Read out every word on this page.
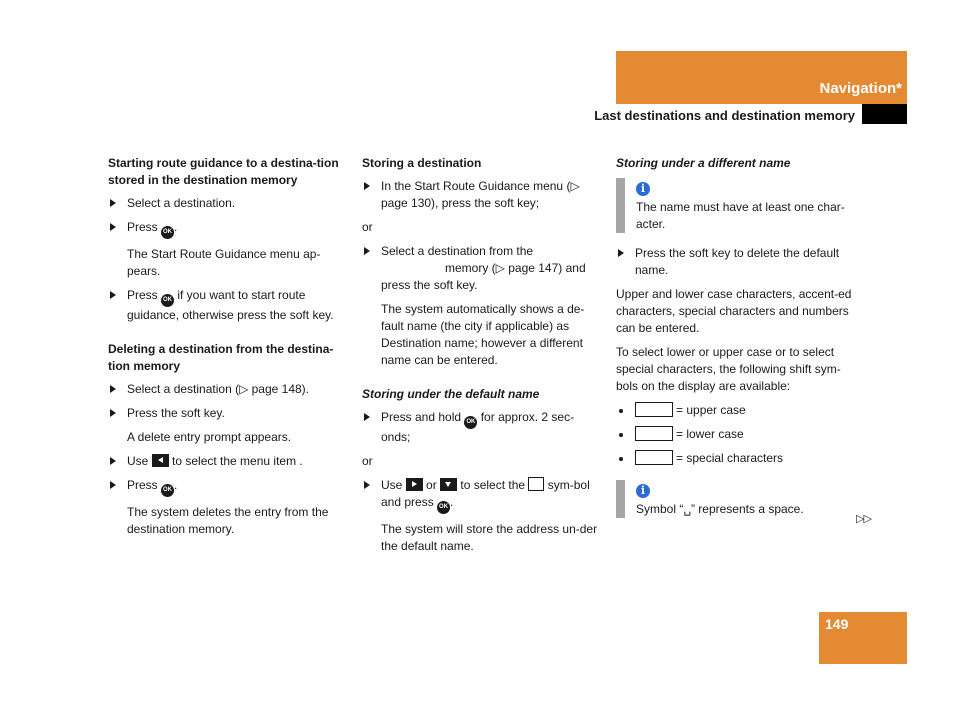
Navigation*
Last destinations and destination memory
Starting route guidance to a destina-tion stored in the destination memory
Select a destination.
Press OK .
The Start Route Guidance menu ap-pears.
Press OK if you want to start route guidance, otherwise press the soft key.
Deleting a destination from the destina-tion memory
Select a destination (▷ page 148).
Press the soft key.
A delete entry prompt appears.
Use
to select the menu item .
Press OK .
The system deletes the entry from the destination memory.
Storing a destination
In the Start Route Guidance menu (▷ page 130), press the soft key;
or
Select a destination from the
memory (▷ page 147) and press the soft key.
The system automatically shows a de-fault name (the city if applicable) as Destination name; however a different name can be entered.
Storing under the default name
Press and hold OK for approx. 2 sec-onds;
or
Use
or
to select the  sym-bol and press OK .
The system will store the address un-der the default name.
Storing under a different name
i
The name must have at least one char-acter.
Press the soft key to delete the default name.
Upper and lower case characters, accent-ed characters, special characters and numbers can be entered.
To select lower or upper case or to select special characters, the following shift sym-bols on the display are available:
= upper case
= lower case
= special characters
i
Symbol “␣” represents a space.
▷▷
149
